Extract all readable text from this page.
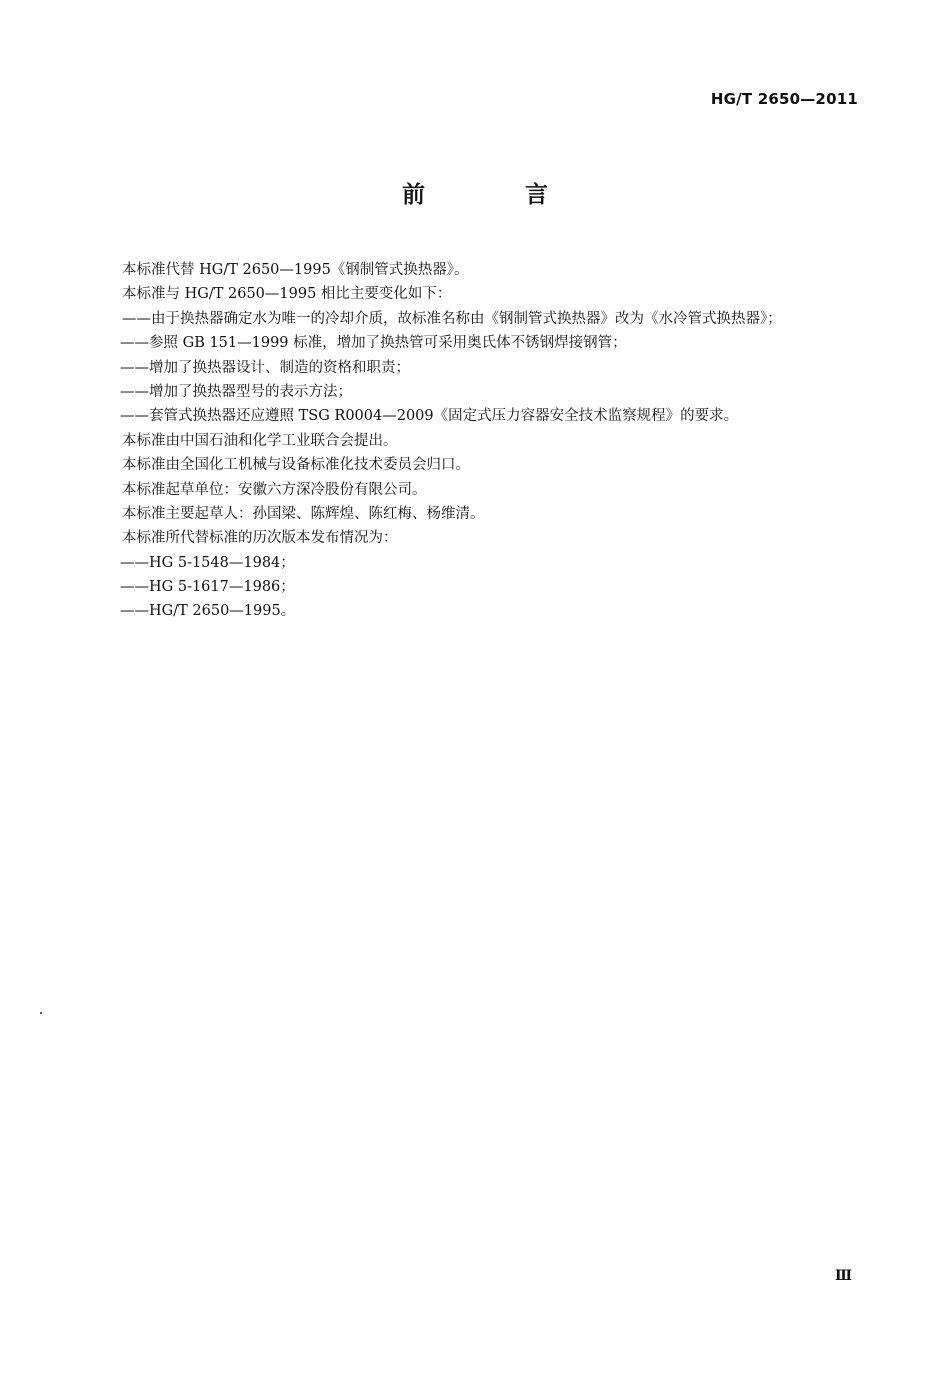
HG/T 2650—2011
前 言
本标准代替 HG/T 2650—1995《钢制管式换热器》。
本标准与 HG/T 2650—1995 相比主要变化如下：
——由于换热器确定水为唯一的冷却介质，故标准名称由《钢制管式换热器》改为《水冷管式换热器》；
——参照 GB 151—1999 标准，增加了换热管可采用奥氏体不锈钢焊接钢管；
——增加了换热器设计、制造的资格和职责；
——增加了换热器型号的表示方法；
——套管式换热器还应遵照 TSG R0004—2009《固定式压力容器安全技术监察规程》的要求。
本标准由中国石油和化学工业联合会提出。
本标准由全国化工机械与设备标准化技术委员会归口。
本标准起草单位：安徽六方深冷股份有限公司。
本标准主要起草人：孙国梁、陈辉煌、陈红梅、杨维清。
本标准所代替标准的历次版本发布情况为：
——HG 5-1548—1984；
——HG 5-1617—1986；
——HG/T 2650—1995。
Ⅲ
